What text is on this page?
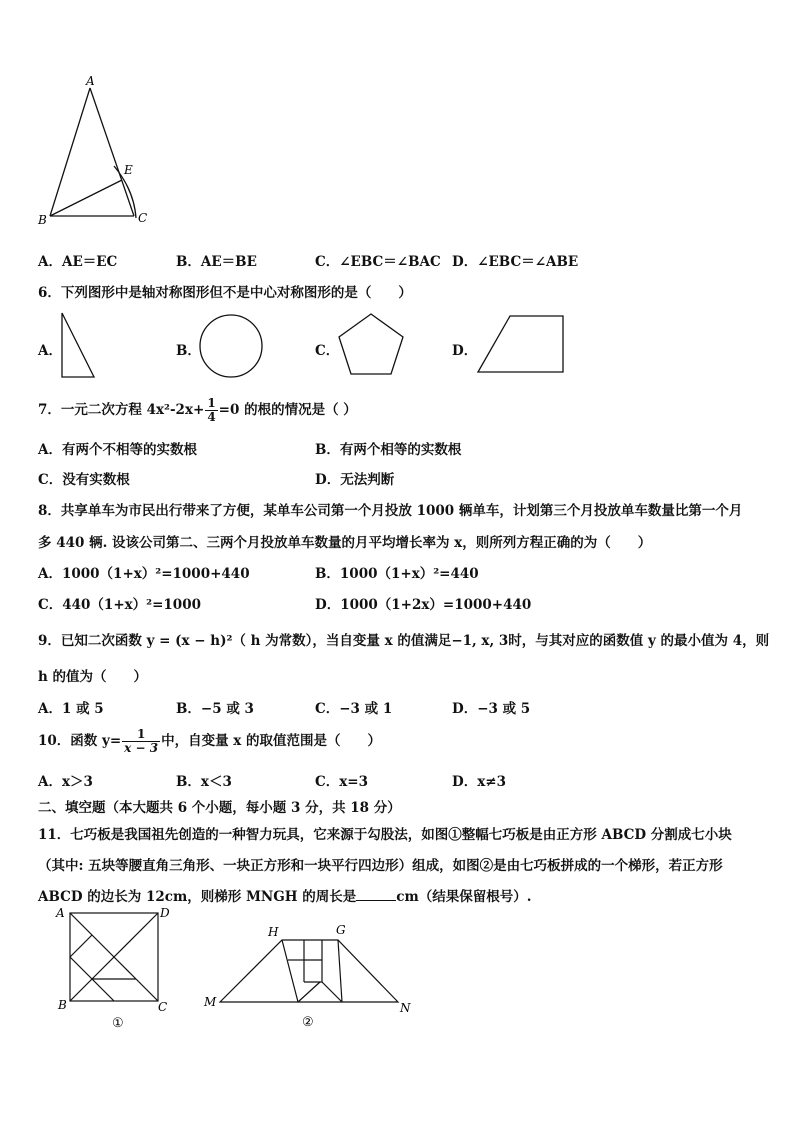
A
E
B	C
A．AE＝EC	B．AE＝BE	C．∠EBC＝∠BAC D．∠EBC＝∠ABE
6．下列图形中是轴对称图形但不是中心对称图形的是（　　）
A．	B．	C．	D．
7．一元二次方程 $4x^2-2x+ \frac{1}{4} =0$ 的根的情况是（ ）
A．有两个不相等的实数根	B．有两个相等的实数根
C．没有实数根	D．无法判断
8．共享单车为市民出行带来了方便，某单车公司第一个月投放 1000 辆单车，计划第三个月投放单车数量比第一个月
多 440 辆. 设该公司第二、三两个月投放单车数量的月平均增长率为 x，则所列方程正确的为（　　）
A．1000（1+x）²=1000+440	B．1000（1+x）²=440
C．440（1+x）²=1000	D．1000（1+2x）=1000+440
9．已知二次函数 y = (x − h)²（ h 为常数），当自变量 x 的值满足−1, x, 3时，与其对应的函数值 y 的最小值为 4，则
h 的值为（　　）
A．1 或 5	B．−5 或 3	C．−3 或 1	D．−3 或 5
10．函数 $y= \frac{1}{x - 3}$ 中，自变量 x 的取值范围是（　　）
A．x＞3	B．x＜3	C．x=3	D．x≠3
二、填空题（本大题共 6 个小题，每小题 3 分，共 18 分）
11．七巧板是我国祖先创造的一种智力玩具，它来源于勾股法，如图①整幅七巧板是由正方形 ABCD 分割成七小块
（其中: 五块等腰直角三角形、一块正方形和一块平行四边形）组成，如图②是由七巧板拼成的一个梯形，若正方形
ABCD 的边长为 12cm，则梯形 MNGH 的周长是	cm（结果保留根号）.
A	D
B	C
①
H	G
M	N
②
